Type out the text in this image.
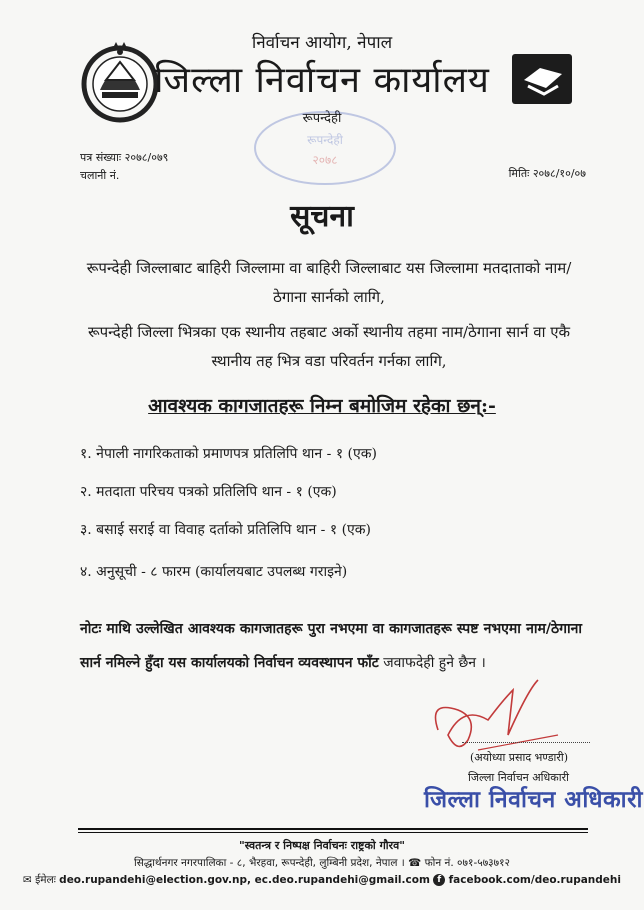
निर्वाचन आयोग, नेपाल
जिल्ला निर्वाचन कार्यालय
रूपन्देही
रूपन्देही
२०७८
पत्र संख्याः २०७८/०७९
चलानी नं.	मितिः २०७८/१०/०७
सूचना
रूपन्देही जिल्लाबाट बाहिरी जिल्लामा वा बाहिरी जिल्लाबाट यस जिल्लामा मतदाताको नाम/ठेगाना सार्नको लागि,
रूपन्देही जिल्ला भित्रका एक स्थानीय तहबाट अर्को स्थानीय तहमा नाम/ठेगाना सार्न वा एकै स्थानीय तह भित्र वडा परिवर्तन गर्नका लागि,
आवश्यक कागजातहरू निम्न बमोजिम रहेका छन्:-
१. नेपाली नागरिकताको प्रमाणपत्र प्रतिलिपि थान - १ (एक)
२. मतदाता परिचय पत्रको प्रतिलिपि थान - १ (एक)
३. बसाई सराई वा विवाह दर्ताको प्रतिलिपि थान - १ (एक)
४. अनुसूची - ८ फारम (कार्यालयबाट उपलब्ध गराइने)
नोटः माथि उल्लेखित आवश्यक कागजातहरू पुरा नभएमा वा कागजातहरू स्पष्ट नभएमा नाम/ठेगाना सार्न नमिल्ने हुँदा यस कार्यालयको निर्वाचन व्यवस्थापन फाँट जवाफदेही हुने छैन ।
(अयोध्या प्रसाद भण्डारी)
जिल्ला निर्वाचन अधिकारी
जिल्ला निर्वाचन अधिकारी
"स्वतन्त्र र निष्पक्ष निर्वाचनः राष्ट्रको गौरव"
सिद्धार्थनगर नगरपालिका - ८, भैरहवा, रूपन्देही, लुम्बिनी प्रदेश, नेपाल । ☎ फोन नं. ०७१-५७३७१२
✉ ईमेलः deo.rupandehi@election.gov.np, ec.deo.rupandehi@gmail.com f facebook.com/deo.rupandehi
